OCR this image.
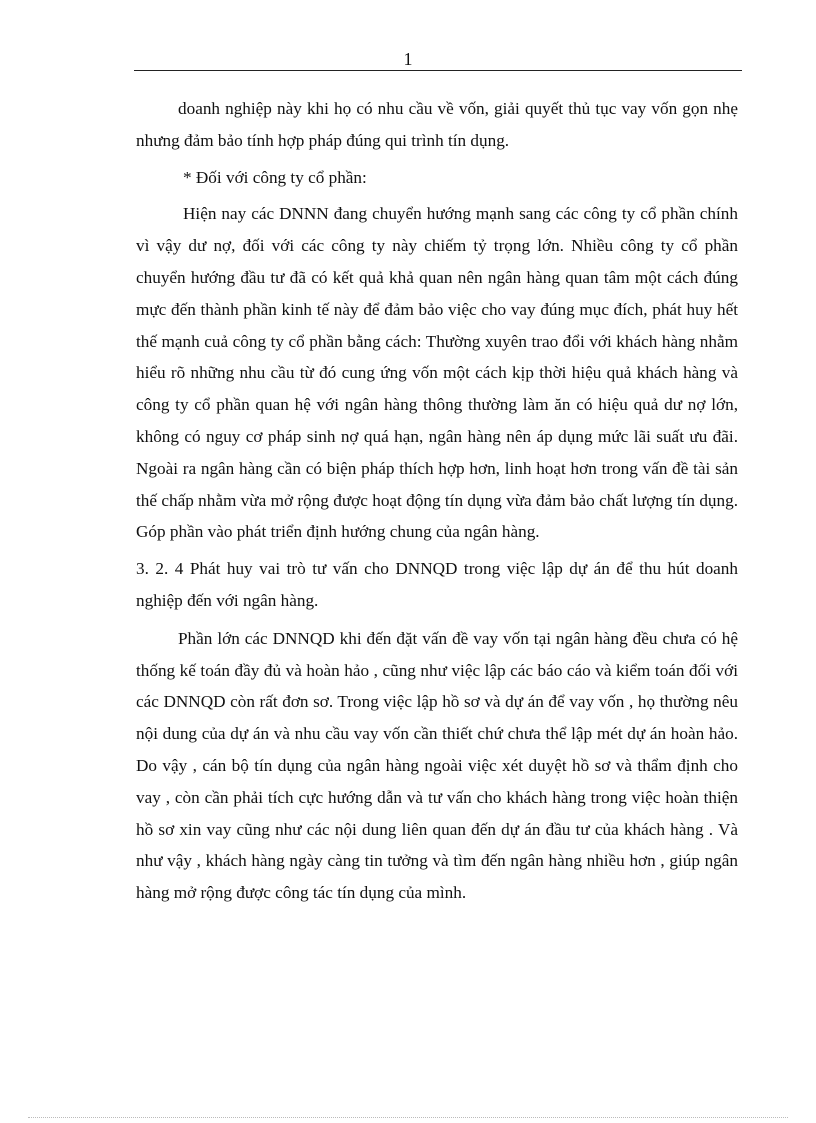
1

doanh nghiệp này khi họ có nhu cầu về vốn, giải quyết thủ tục vay vốn gọn nhẹ nhưng đảm bảo tính hợp pháp đúng qui trình tín dụng.

* Đối với công ty cổ phần:

Hiện nay các DNNN đang chuyển hướng mạnh sang các công ty cổ phần chính vì vậy dư nợ, đối với các công ty này chiếm tỷ trọng lớn. Nhiều công ty cổ phần chuyển hướng đầu tư đã có kết quả khả quan nên ngân hàng quan tâm một cách đúng mực đến thành phần kinh tế này để đảm bảo việc cho vay đúng mục đích, phát huy hết thế mạnh cuả công ty cổ phần bằng cách: Thường xuyên trao đổi với khách hàng nhằm hiểu rõ những nhu cầu từ đó cung ứng vốn một cách kịp thời hiệu quả khách hàng và công ty cổ phần quan hệ với ngân hàng thông thường làm ăn có hiệu quả dư nợ lớn, không có nguy cơ pháp sinh nợ quá hạn, ngân hàng nên áp dụng mức lãi suất ưu đãi. Ngoài ra ngân hàng cần có biện pháp thích hợp hơn, linh hoạt hơn trong vấn đề tài sản thế chấp nhằm vừa mở rộng được hoạt động tín dụng vừa đảm bảo chất lượng tín dụng. Góp phần vào phát triển định hướng chung của ngân hàng.

3. 2. 4 Phát huy vai trò tư vấn cho DNNQD trong việc lập dự án để thu hút doanh nghiệp đến với ngân hàng.

Phần lớn các DNNQD khi đến đặt vấn đề vay vốn tại ngân hàng đều chưa có hệ thống kế toán đầy đủ và hoàn hảo , cũng như việc lập các báo cáo và kiểm toán đối với các DNNQD còn rất đơn sơ. Trong việc lập hồ sơ và dự án để vay vốn , họ thường nêu nội dung của dự án và nhu cầu vay vốn cần thiết chứ chưa thể lập mét dự án hoàn hảo. Do vậy , cán bộ tín dụng của ngân hàng ngoài việc xét duyệt hồ sơ và thẩm định cho vay , còn cần phải tích cực hướng dẫn và tư vấn cho khách hàng trong việc hoàn thiện hồ sơ xin vay cũng như các nội dung liên quan đến dự án đầu tư của khách hàng . Và như vậy , khách hàng ngày càng tin tưởng và tìm đến ngân hàng nhiều hơn , giúp ngân hàng mở rộng được công tác tín dụng của mình.
